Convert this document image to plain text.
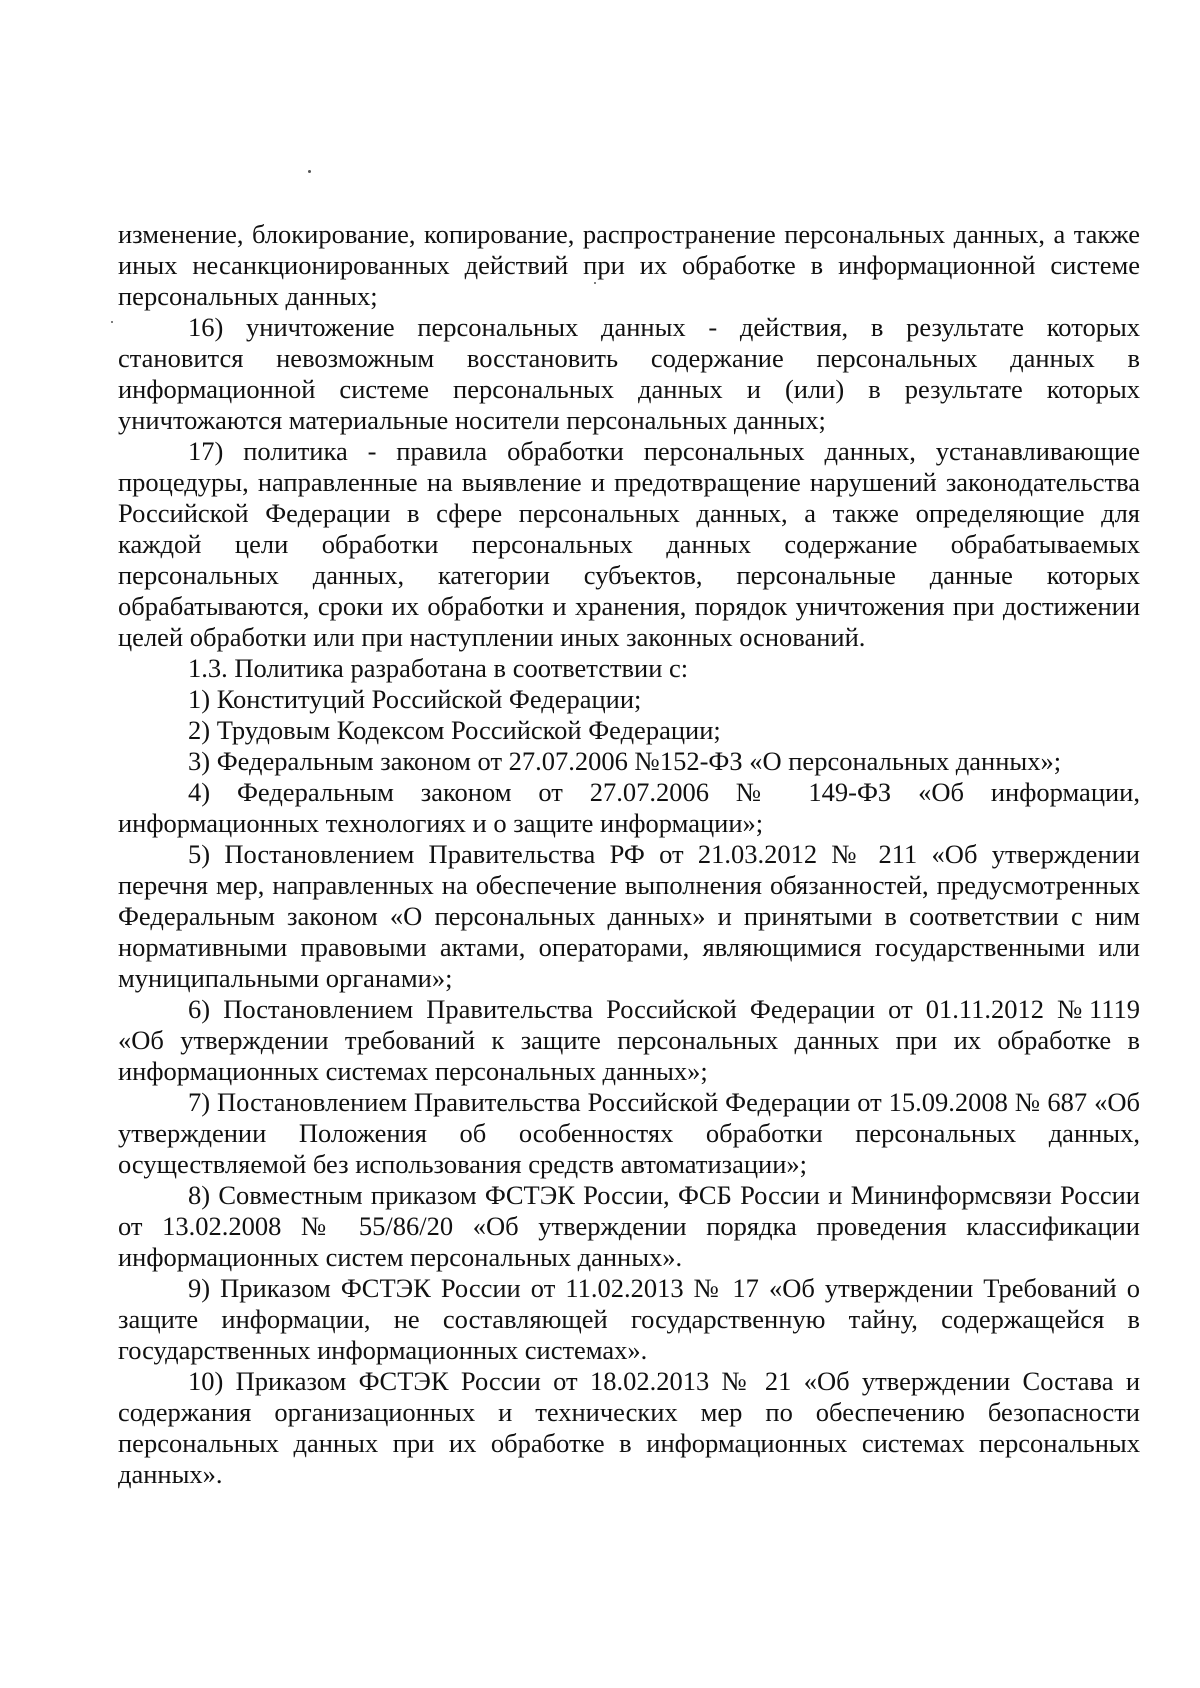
изменение, блокирование, копирование, распространение персональных данных, а также иных несанкционированных действий при их обработке в информационной системе персональных данных;

16) уничтожение персональных данных - действия, в результате которых становится невозможным восстановить содержание персональных данных в информационной системе персональных данных и (или) в результате которых уничтожаются материальные носители персональных данных;

17) политика - правила обработки персональных данных, устанавливающие процедуры, направленные на выявление и предотвращение нарушений законодательства Российской Федерации в сфере персональных данных, а также определяющие для каждой цели обработки персональных данных содержание обрабатываемых персональных данных, категории субъектов, персональные данные которых обрабатываются, сроки их обработки и хранения, порядок уничтожения при достижении целей обработки или при наступлении иных законных оснований.

1.3. Политика разработана в соответствии с:

1) Конституций Российской Федерации;

2) Трудовым Кодексом Российской Федерации;

3) Федеральным законом от 27.07.2006 №152-ФЗ «О персональных данных»;

4) Федеральным законом от 27.07.2006 № 149-ФЗ «Об информации, информационных технологиях и о защите информации»;

5) Постановлением Правительства РФ от 21.03.2012 № 211 «Об утверждении перечня мер, направленных на обеспечение выполнения обязанностей, предусмотренных Федеральным законом «О персональных данных» и принятыми в соответствии с ним нормативными правовыми актами, операторами, являющимися государственными или муниципальными органами»;

6) Постановлением Правительства Российской Федерации от 01.11.2012 №1119 «Об утверждении требований к защите персональных данных при их обработке в информационных системах персональных данных»;

7) Постановлением Правительства Российской Федерации от 15.09.2008 № 687 «Об утверждении Положения об особенностях обработки персональных данных, осуществляемой без использования средств автоматизации»;

8) Совместным приказом ФСТЭК России, ФСБ России и Мининформсвязи России от 13.02.2008 № 55/86/20 «Об утверждении порядка проведения классификации информационных систем персональных данных».

9) Приказом ФСТЭК России от 11.02.2013 № 17 «Об утверждении Требований о защите информации, не составляющей государственную тайну, содержащейся в государственных информационных системах».

10) Приказом ФСТЭК России от 18.02.2013 № 21 «Об утверждении Состава и содержания организационных и технических мер по обеспечению безопасности персональных данных при их обработке в информационных системах персональных данных».
